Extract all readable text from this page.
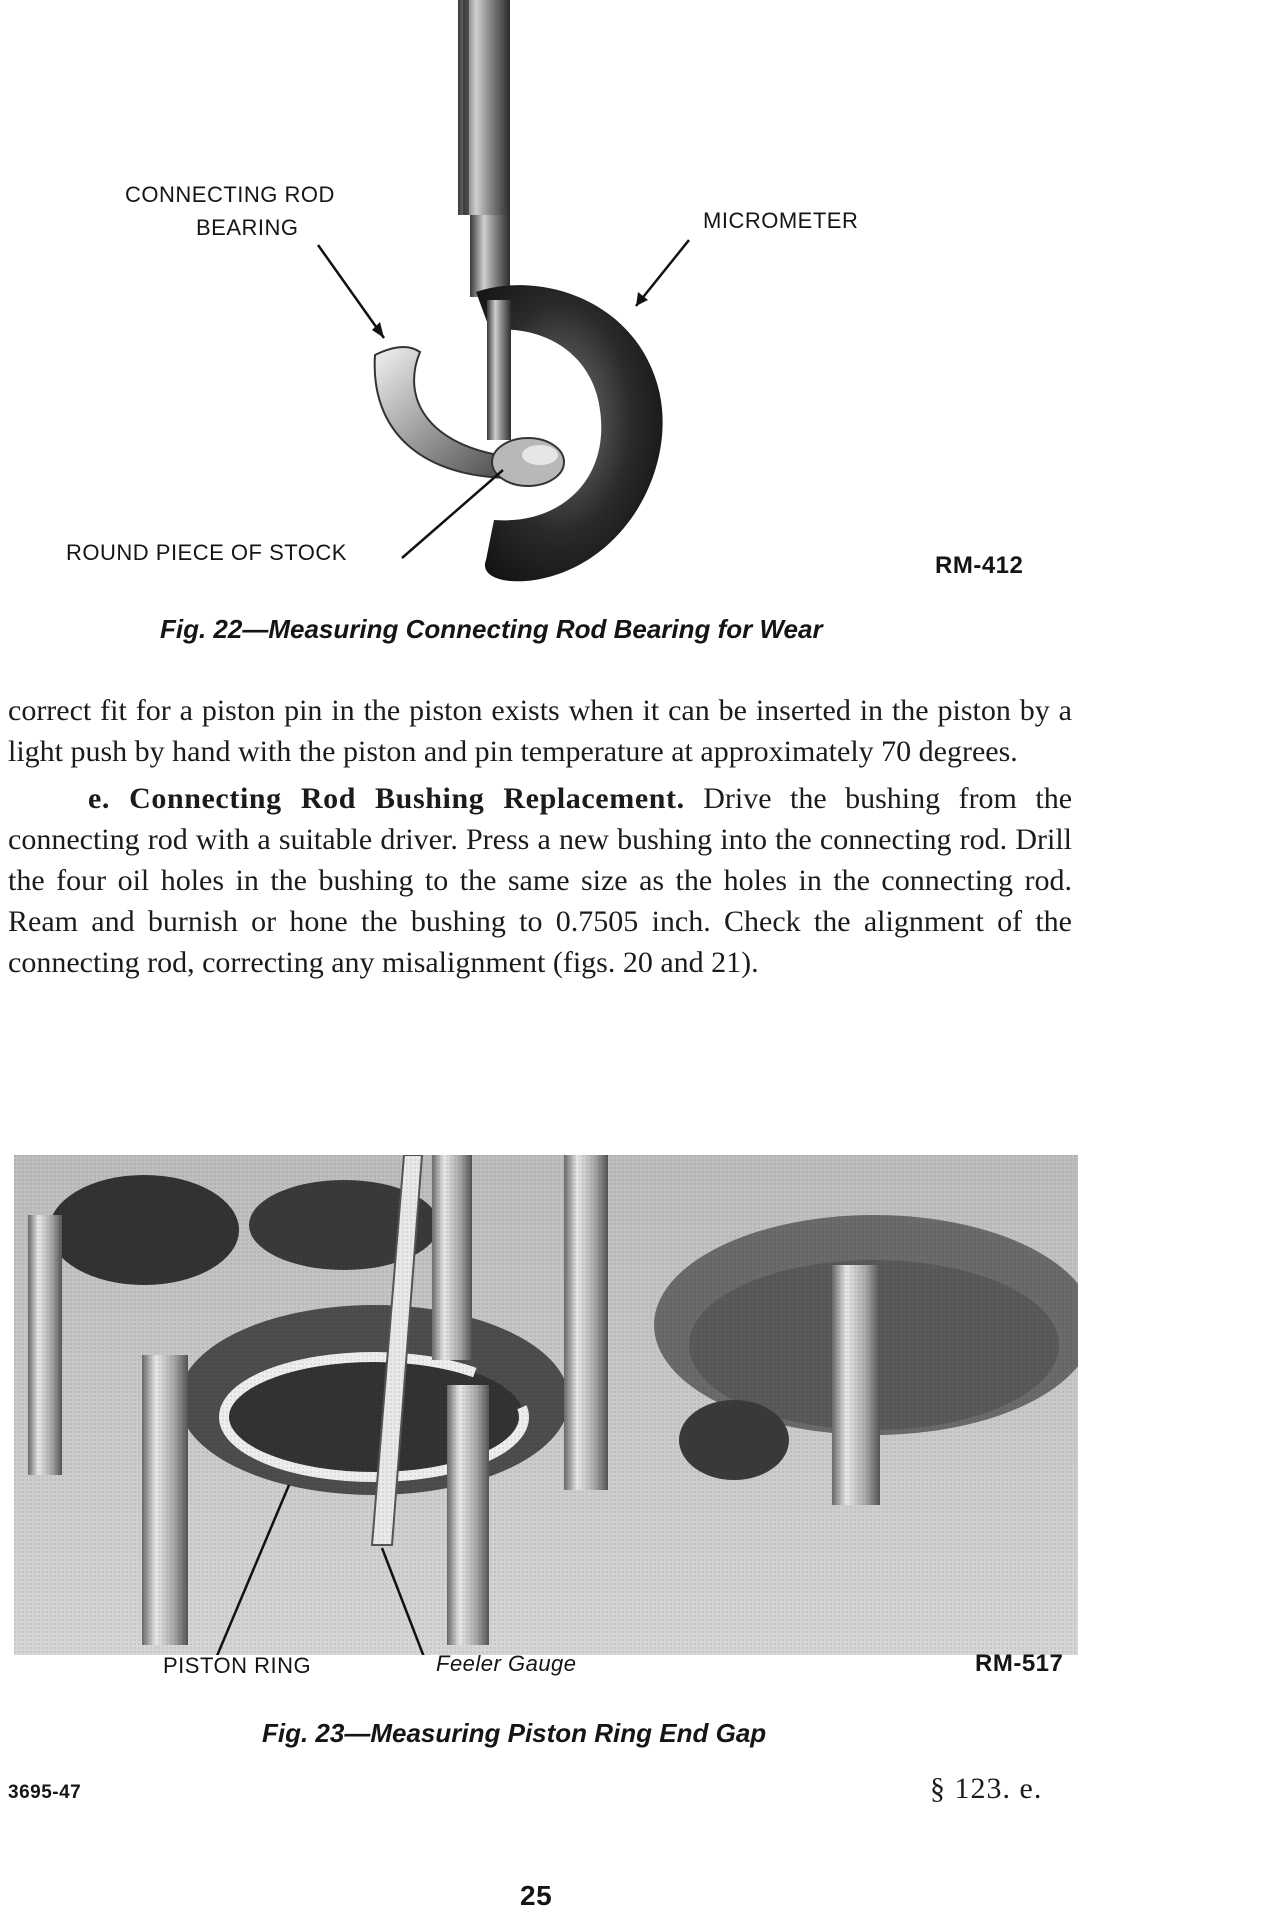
CONNECTING ROD
BEARING	MICROMETER
ROUND PIECE OF STOCK	RM-412
Fig. 22—Measuring Connecting Rod Bearing for Wear

correct fit for a piston pin in the piston exists when it can be inserted in the piston by a light push by hand with the piston and pin temperature at approximately 70 degrees.

e. Connecting Rod Bushing Replacement. Drive the bushing from the connecting rod with a suitable driver. Press a new bushing into the connecting rod. Drill the four oil holes in the bushing to the same size as the holes in the connecting rod. Ream and burnish or hone the bushing to 0.7505 inch. Check the alignment of the connecting rod, correcting any misalignment (figs. 20 and 21).

PISTON RING	Feeler Gauge	RM-517
Fig. 23—Measuring Piston Ring End Gap
3695-47	§ 123. e.
25
